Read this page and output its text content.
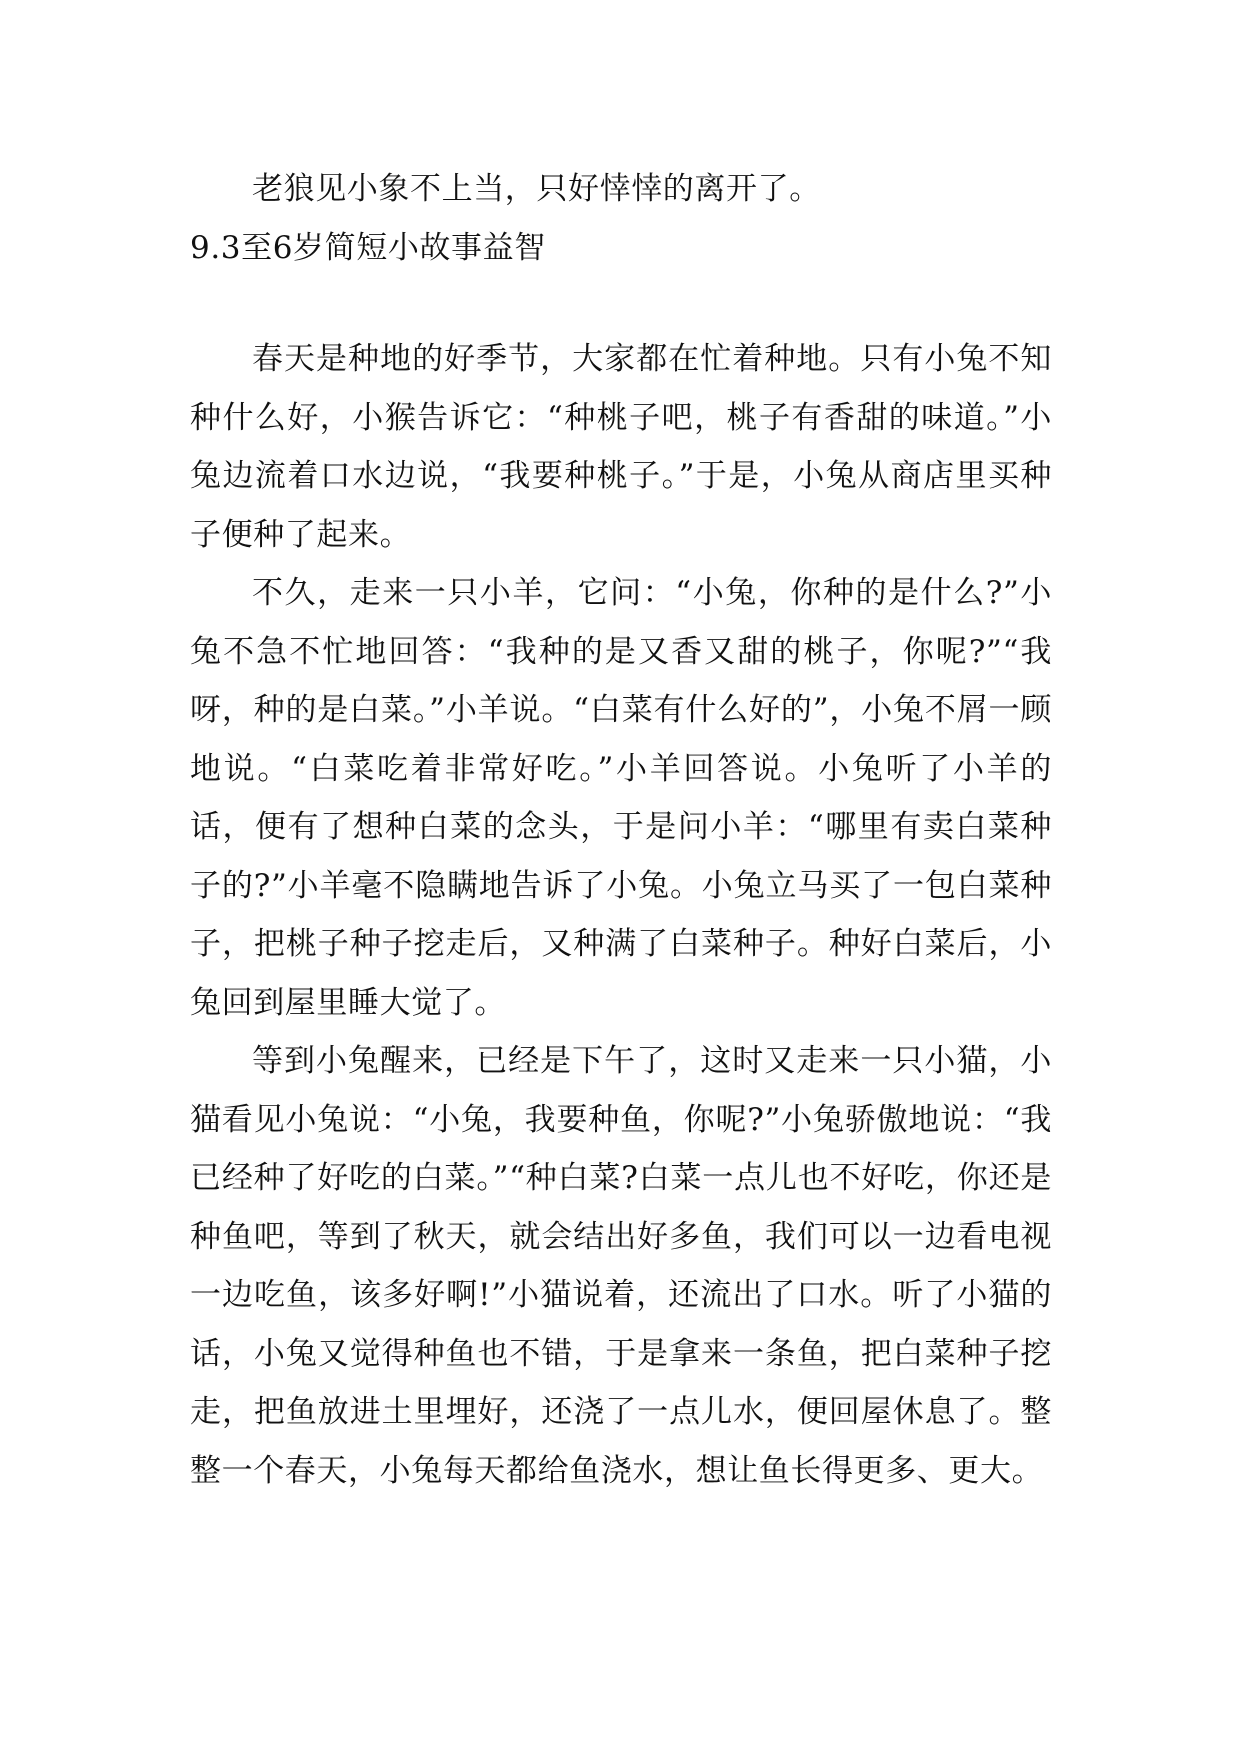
老狼见小象不上当，只好悻悻的离开了。

9.3至6岁简短小故事益智

春天是种地的好季节，大家都在忙着种地。只有小兔不知种什么好，小猴告诉它：“种桃子吧，桃子有香甜的味道。”小兔边流着口水边说，“我要种桃子。”于是，小兔从商店里买种子便种了起来。

不久，走来一只小羊，它问：“小兔，你种的是什么?”小兔不急不忙地回答：“我种的是又香又甜的桃子，你呢?”“我呀，种的是白菜。”小羊说。“白菜有什么好的”，小兔不屑一顾地说。“白菜吃着非常好吃。”小羊回答说。小兔听了小羊的话，便有了想种白菜的念头，于是问小羊：“哪里有卖白菜种子的?”小羊毫不隐瞒地告诉了小兔。小兔立马买了一包白菜种子，把桃子种子挖走后，又种满了白菜种子。种好白菜后，小兔回到屋里睡大觉了。

等到小兔醒来，已经是下午了，这时又走来一只小猫，小猫看见小兔说：“小兔，我要种鱼，你呢?”小兔骄傲地说：“我已经种了好吃的白菜。”“种白菜?白菜一点儿也不好吃，你还是种鱼吧，等到了秋天，就会结出好多鱼，我们可以一边看电视一边吃鱼，该多好啊!”小猫说着，还流出了口水。听了小猫的话，小兔又觉得种鱼也不错，于是拿来一条鱼，把白菜种子挖走，把鱼放进土里埋好，还浇了一点儿水，便回屋休息了。整整一个春天，小兔每天都给鱼浇水，想让鱼长得更多、更大。
